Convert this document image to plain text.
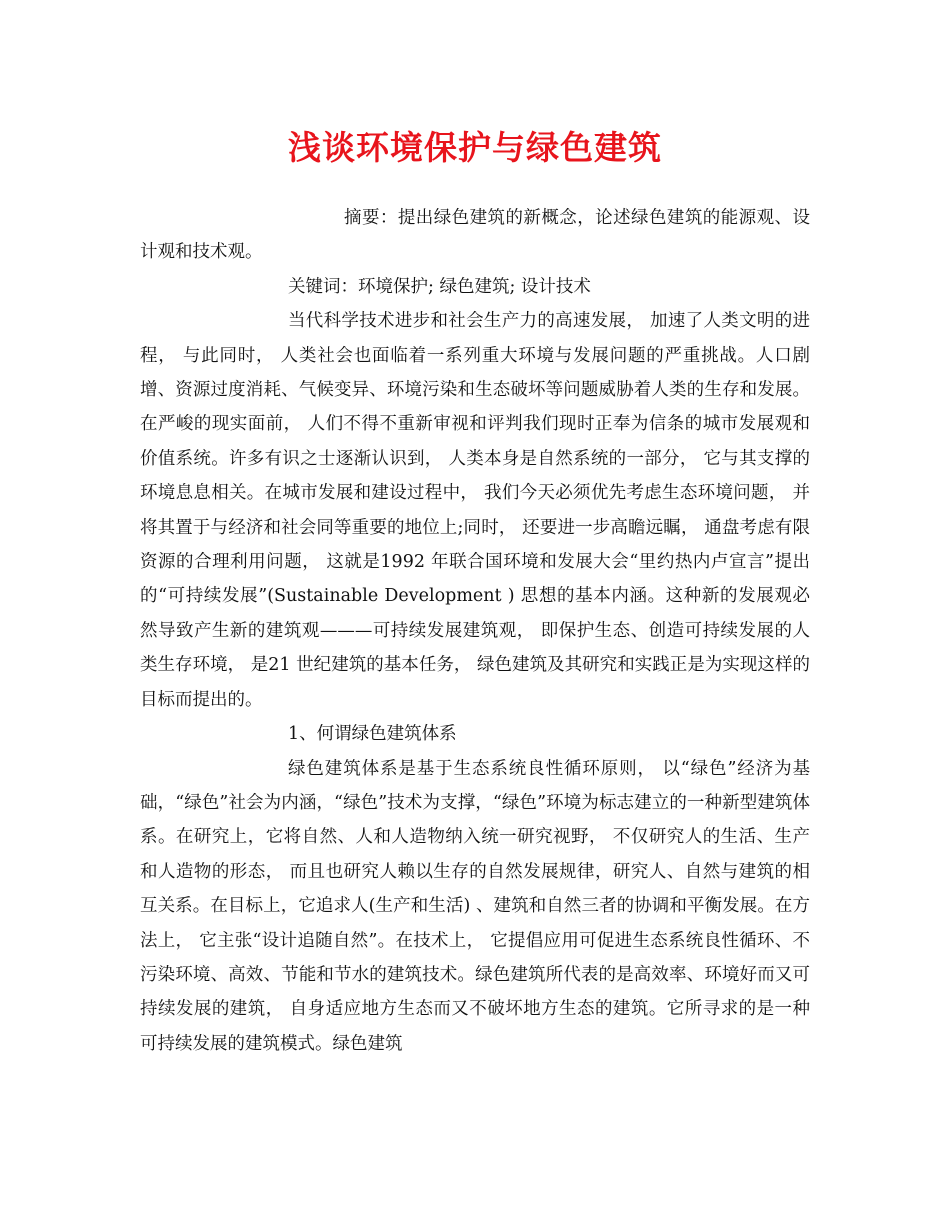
浅谈环境保护与绿色建筑

摘要：提出绿色建筑的新概念，论述绿色建筑的能源观、设计观和技术观。

关键词：环境保护; 绿色建筑; 设计技术

当代科学技术进步和社会生产力的高速发展， 加速了人类文明的进程， 与此同时， 人类社会也面临着一系列重大环境与发展问题的严重挑战。人口剧增、资源过度消耗、气候变异、环境污染和生态破坏等问题威胁着人类的生存和发展。在严峻的现实面前， 人们不得不重新审视和评判我们现时正奉为信条的城市发展观和价值系统。许多有识之士逐渐认识到， 人类本身是自然系统的一部分， 它与其支撑的环境息息相关。在城市发展和建设过程中， 我们今天必须优先考虑生态环境问题， 并将其置于与经济和社会同等重要的地位上;同时， 还要进一步高瞻远瞩， 通盘考虑有限资源的合理利用问题， 这就是1992 年联合国环境和发展大会“里约热内卢宣言”提出的“可持续发展”(Sustainable Development ) 思想的基本内涵。这种新的发展观必然导致产生新的建筑观———可持续发展建筑观， 即保护生态、创造可持续发展的人类生存环境， 是21 世纪建筑的基本任务， 绿色建筑及其研究和实践正是为实现这样的目标而提出的。

1、何谓绿色建筑体系

绿色建筑体系是基于生态系统良性循环原则， 以“绿色”经济为基础，“绿色”社会为内涵，“绿色”技术为支撑，“绿色”环境为标志建立的一种新型建筑体系。在研究上，它将自然、人和人造物纳入统一研究视野， 不仅研究人的生活、生产和人造物的形态， 而且也研究人赖以生存的自然发展规律，研究人、自然与建筑的相互关系。在目标上，它追求人(生产和生活) 、建筑和自然三者的协调和平衡发展。在方法上， 它主张“设计追随自然”。在技术上， 它提倡应用可促进生态系统良性循环、不污染环境、高效、节能和节水的建筑技术。绿色建筑所代表的是高效率、环境好而又可持续发展的建筑， 自身适应地方生态而又不破坏地方生态的建筑。它所寻求的是一种可持续发展的建筑模式。绿色建筑
